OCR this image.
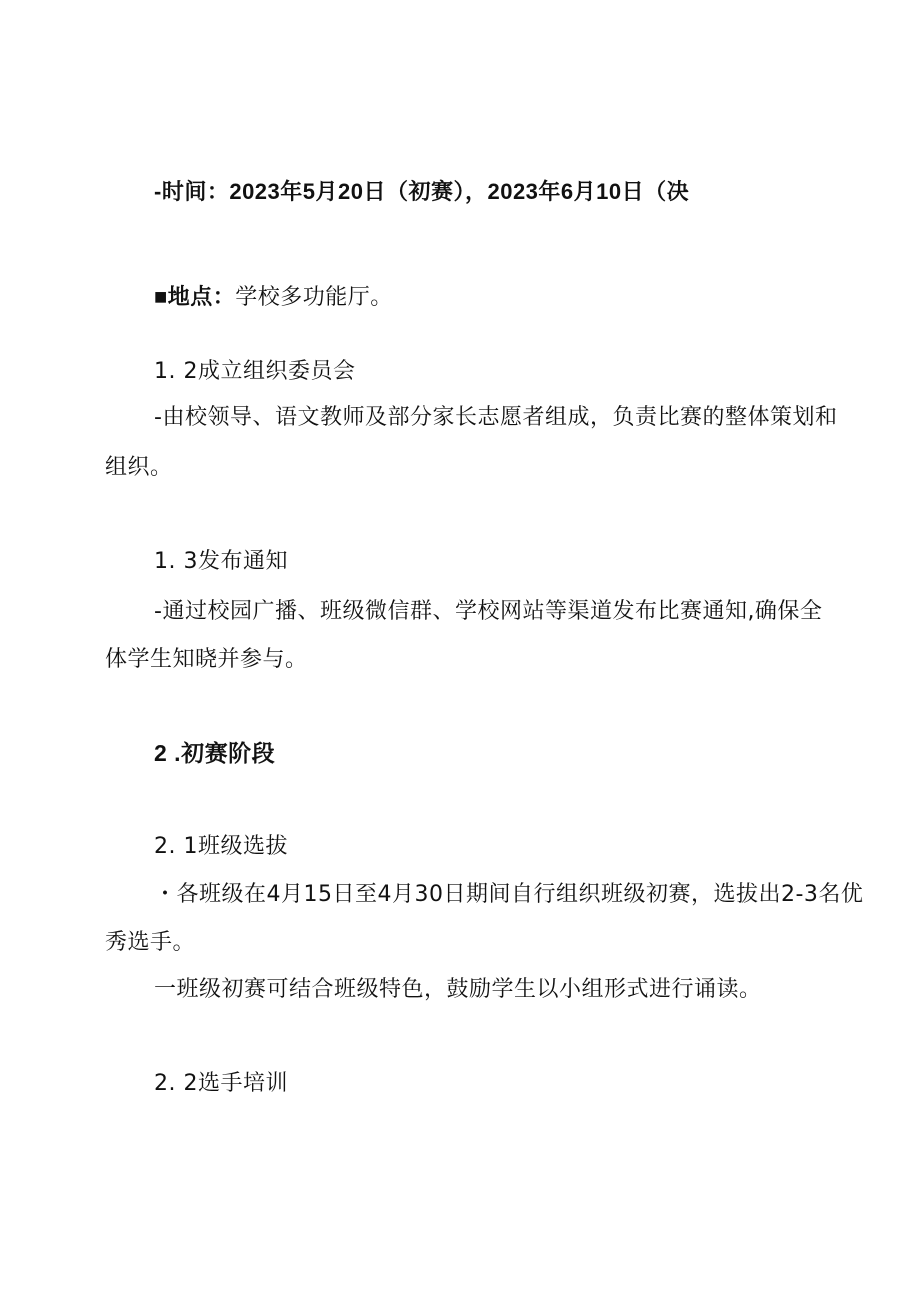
-时间：2023年5月20日（初赛），2023年6月10日（决
■地点：学校多功能厅。
1. 2成立组织委员会
-由校领导、语文教师及部分家长志愿者组成，负责比赛的整体策划和
组织。
1. 3发布通知
-通过校园广播、班级微信群、学校网站等渠道发布比赛通知,确保全
体学生知晓并参与。
2 .初赛阶段
2. 1班级选拔
・各班级在4月15日至4月30日期间自行组织班级初赛，选拔出2-3名优
秀选手。
一班级初赛可结合班级特色，鼓励学生以小组形式进行诵读。
2. 2选手培训
